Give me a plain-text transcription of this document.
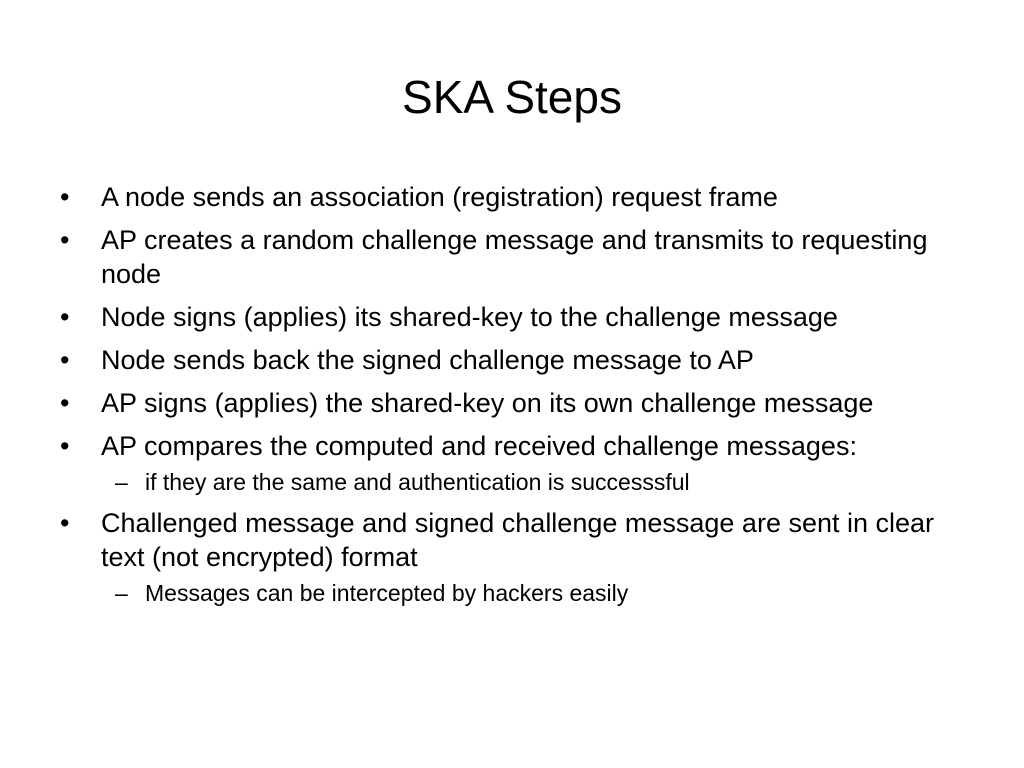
SKA Steps
•	A node sends an association (registration) request frame
•	AP creates a random challenge message and transmits to requesting node
•	Node signs (applies) its shared-key to the challenge message
•	Node sends back the signed challenge message to AP
•	AP signs (applies) the shared-key on its own challenge message
•	AP compares the computed and received challenge messages:
– if they are the same and authentication is successsful
•	Challenged message and signed challenge message are sent in clear text (not encrypted) format
– Messages can be intercepted by hackers easily
